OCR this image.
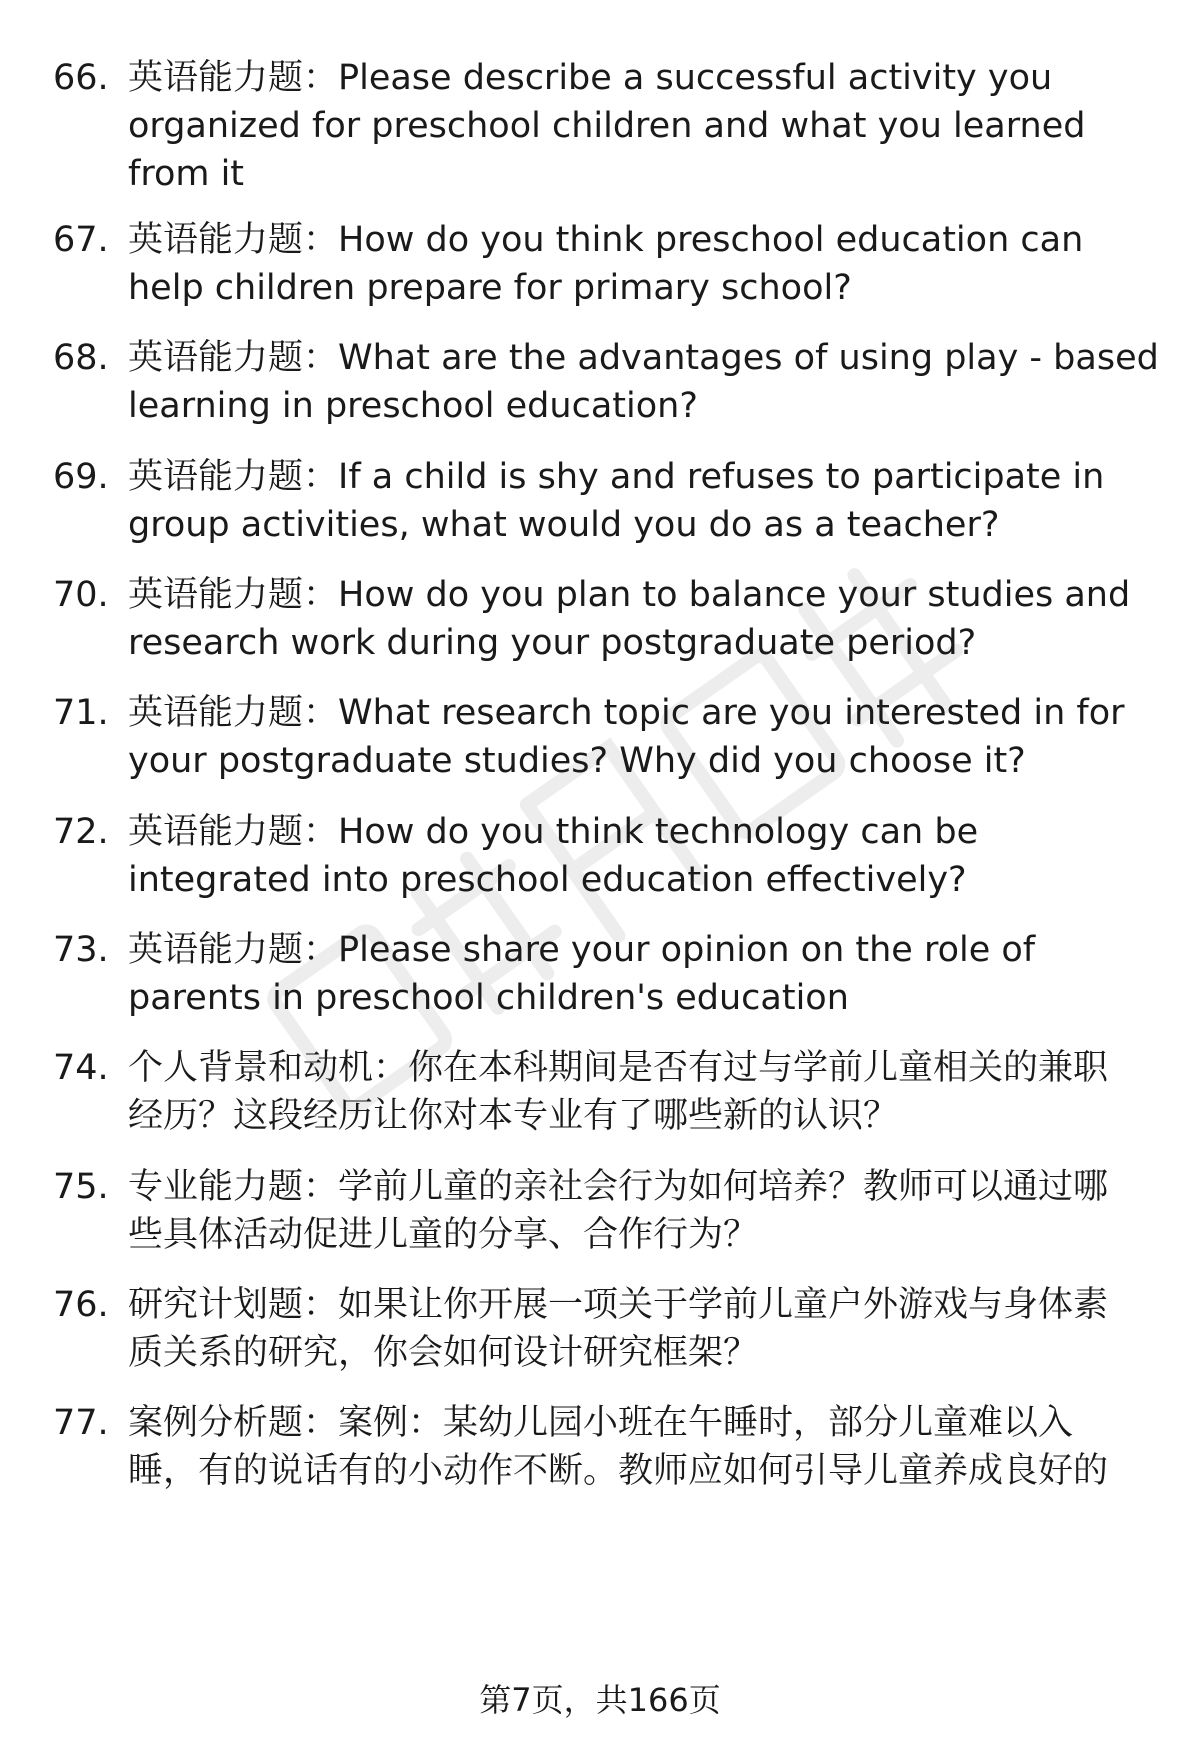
66. 英语能力题：Please describe a successful activity you
organized for preschool children and what you learned
from it
67. 英语能力题：How do you think preschool education can
help children prepare for primary school?
68. 英语能力题：What are the advantages of using play - based
learning in preschool education?
69. 英语能力题：If a child is shy and refuses to participate in
group activities, what would you do as a teacher?
70. 英语能力题：How do you plan to balance your studies and
research work during your postgraduate period?
71. 英语能力题：What research topic are you interested in for
your postgraduate studies? Why did you choose it?
72. 英语能力题：How do you think technology can be
integrated into preschool education effectively?
73. 英语能力题：Please share your opinion on the role of
parents in preschool children's education
74. 个人背景和动机：你在本科期间是否有过与学前儿童相关的兼职
经历？这段经历让你对本专业有了哪些新的认识？
75. 专业能力题：学前儿童的亲社会行为如何培养？教师可以通过哪
些具体活动促进儿童的分享、合作行为？
76. 研究计划题：如果让你开展一项关于学前儿童户外游戏与身体素
质关系的研究，你会如何设计研究框架？
77. 案例分析题：案例：某幼儿园小班在午睡时，部分儿童难以入
睡，有的说话有的小动作不断。教师应如何引导儿童养成良好的
第7页，共166页
